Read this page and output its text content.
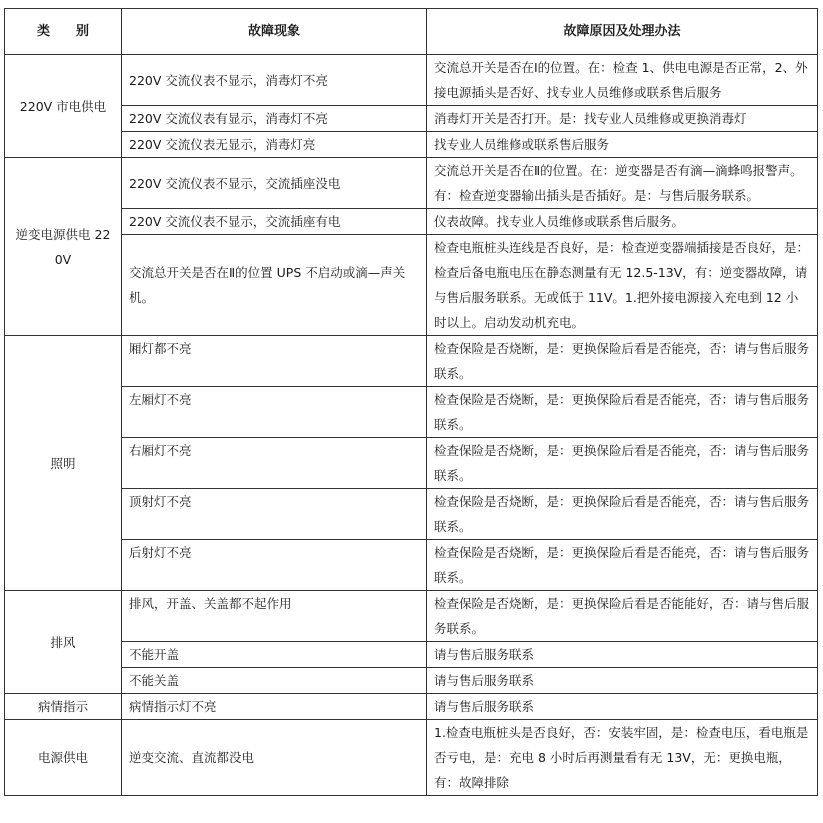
类　　别	故障现象	故障原因及处理办法
220V 市电供电	220V 交流仪表不显示，消毒灯不亮	交流总开关是否在Ⅰ的位置。在：检查 1、供电电源是否正常，2、外接电源插头是否好、找专业人员维修或联系售后服务
	220V 交流仪表有显示，消毒灯不亮	消毒灯开关是否打开。是：找专业人员维修或更换消毒灯
	220V 交流仪表无显示，消毒灯亮	找专业人员维修或联系售后服务
逆变电源供电 220V	220V 交流仪表不显示，交流插座没电	交流总开关是否在Ⅱ的位置。在：逆变器是否有滴—滴蜂鸣报警声。有：检查逆变器输出插头是否插好。是：与售后服务联系。
	220V 交流仪表不显示，交流插座有电	仪表故障。找专业人员维修或联系售后服务。
	交流总开关是否在Ⅱ的位置 UPS 不启动或滴—声关机。	检查电瓶桩头连线是否良好，是：检查逆变器端插接是否良好，是：检查后备电瓶电压在静态测量有无 12.5-13V，有：逆变器故障，请与售后服务联系。无或低于 11V。1.把外接电源接入充电到 12 小时以上。启动发动机充电。
照明	厢灯都不亮	检查保险是否烧断，是：更换保险后看是否能亮，否：请与售后服务联系。
	左厢灯不亮	检查保险是否烧断，是：更换保险后看是否能亮，否：请与售后服务联系。
	右厢灯不亮	检查保险是否烧断，是：更换保险后看是否能亮，否：请与售后服务联系。
	顶射灯不亮	检查保险是否烧断，是：更换保险后看是否能亮，否：请与售后服务联系。
	后射灯不亮	检查保险是否烧断，是：更换保险后看是否能亮，否：请与售后服务联系。
排风	排风，开盖、关盖都不起作用	检查保险是否烧断，是：更换保险后看是否能能好，否：请与售后服务联系。
	不能开盖	请与售后服务联系
	不能关盖	请与售后服务联系
病情指示	病情指示灯不亮	请与售后服务联系
电源供电	逆变交流、直流都没电	1.检查电瓶桩头是否良好，否：安装牢固，是：检查电压，看电瓶是否亏电，是：充电 8 小时后再测量看有无 13V，无：更换电瓶，有：故障排除
